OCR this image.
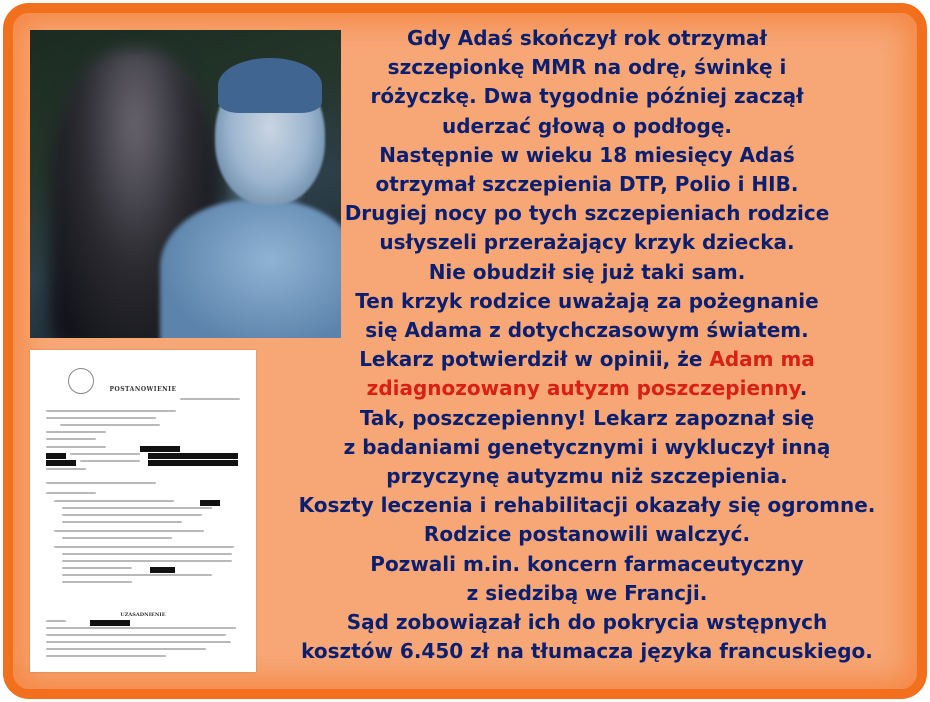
POSTANOWIENIE
UZASADNIENIE
Gdy Adaś skończył rok otrzymał
szczepionkę MMR na odrę, świnkę i
różyczkę. Dwa tygodnie później zaczął
uderzać głową o podłogę.
Następnie w wieku 18 miesięcy Adaś
otrzymał szczepienia DTP, Polio i HIB.
Drugiej nocy po tych szczepieniach rodzice
usłyszeli przerażający krzyk dziecka.
Nie obudził się już taki sam.
Ten krzyk rodzice uważają za pożegnanie
się Adama z dotychczasowym światem.
Lekarz potwierdził w opinii, że Adam ma
zdiagnozowany autyzm poszczepienny.
Tak, poszczepienny! Lekarz zapoznał się
z badaniami genetycznymi i wykluczył inną
przyczynę autyzmu niż szczepienia.
Koszty leczenia i rehabilitacji okazały się ogromne.
Rodzice postanowili walczyć.
Pozwali m.in. koncern farmaceutyczny
z siedzibą we Francji.
Sąd zobowiązał ich do pokrycia wstępnych
kosztów 6.450 zł na tłumacza języka francuskiego.
